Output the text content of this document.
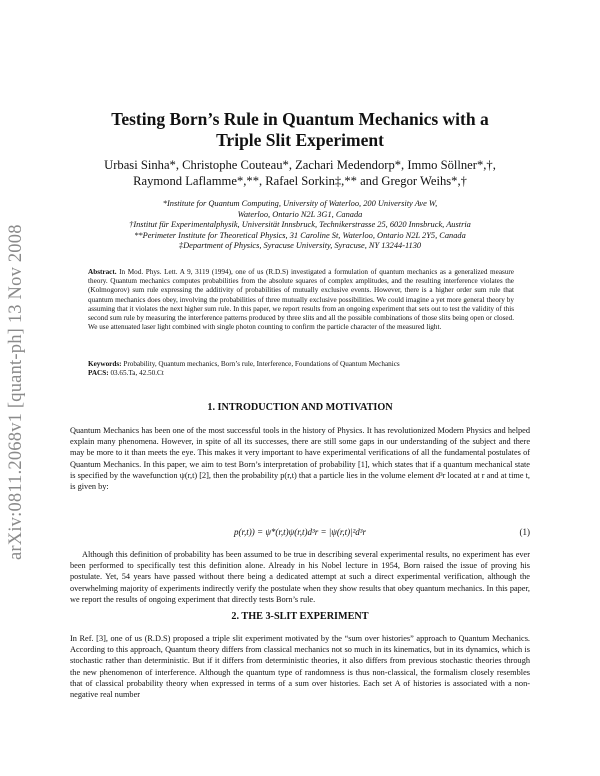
arXiv:0811.2068v1 [quant-ph] 13 Nov 2008
Testing Born’s Rule in Quantum Mechanics with a
Triple Slit Experiment
Urbasi Sinha*, Christophe Couteau*, Zachari Medendorp*, Immo Söllner*,†,
Raymond Laflamme*,**, Rafael Sorkin‡,** and Gregor Weihs*,†
*Institute for Quantum Computing, University of Waterloo, 200 University Ave W,
Waterloo, Ontario N2L 3G1, Canada
†Institut für Experimentalphysik, Universität Innsbruck, Technikerstrasse 25, 6020 Innsbruck, Austria
**Perimeter Institute for Theoretical Physics, 31 Caroline St, Waterloo, Ontario N2L 2Y5, Canada
‡Department of Physics, Syracuse University, Syracuse, NY 13244-1130
Abstract. In Mod. Phys. Lett. A 9, 3119 (1994), one of us (R.D.S) investigated a formulation of quantum mechanics as a generalized measure theory. Quantum mechanics computes probabilities from the absolute squares of complex amplitudes, and the resulting interference violates the (Kolmogorov) sum rule expressing the additivity of probabilities of mutually exclusive events. However, there is a higher order sum rule that quantum mechanics does obey, involving the probabilities of three mutually exclusive possibilities. We could imagine a yet more general theory by assuming that it violates the next higher sum rule. In this paper, we report results from an ongoing experiment that sets out to test the validity of this second sum rule by measuring the interference patterns produced by three slits and all the possible combinations of those slits being open or closed. We use attenuated laser light combined with single photon counting to confirm the particle character of the measured light.
Keywords: Probability, Quantum mechanics, Born’s rule, Interference, Foundations of Quantum Mechanics
PACS: 03.65.Ta, 42.50.Ct
1. INTRODUCTION AND MOTIVATION
Quantum Mechanics has been one of the most successful tools in the history of Physics. It has revolutionized Modern Physics and helped explain many phenomena. However, in spite of all its successes, there are still some gaps in our understanding of the subject and there may be more to it than meets the eye. This makes it very important to have experimental verifications of all the fundamental postulates of Quantum Mechanics. In this paper, we aim to test Born’s interpretation of probability [1], which states that if a quantum mechanical state is specified by the wavefunction ψ(r,t) [2], then the probability p(r,t) that a particle lies in the volume element d³r located at r and at time t, is given by:
p(r,t)) = ψ*(r,t)ψ(r,t)d³r = |ψ(r,t)|²d³r	(1)
Although this definition of probability has been assumed to be true in describing several experimental results, no experiment has ever been performed to specifically test this definition alone. Already in his Nobel lecture in 1954, Born raised the issue of proving his postulate. Yet, 54 years have passed without there being a dedicated attempt at such a direct experimental verification, although the overwhelming majority of experiments indirectly verify the postulate when they show results that obey quantum mechanics. In this paper, we report the results of ongoing experiment that directly tests Born’s rule.
2. THE 3-SLIT EXPERIMENT
In Ref. [3], one of us (R.D.S) proposed a triple slit experiment motivated by the “sum over histories” approach to Quantum Mechanics. According to this approach, Quantum theory differs from classical mechanics not so much in its kinematics, but in its dynamics, which is stochastic rather than deterministic. But if it differs from deterministic theories, it also differs from previous stochastic theories through the new phenomenon of interference. Although the quantum type of randomness is thus non-classical, the formalism closely resembles that of classical probability theory when expressed in terms of a sum over histories. Each set A of histories is associated with a non-negative real number
